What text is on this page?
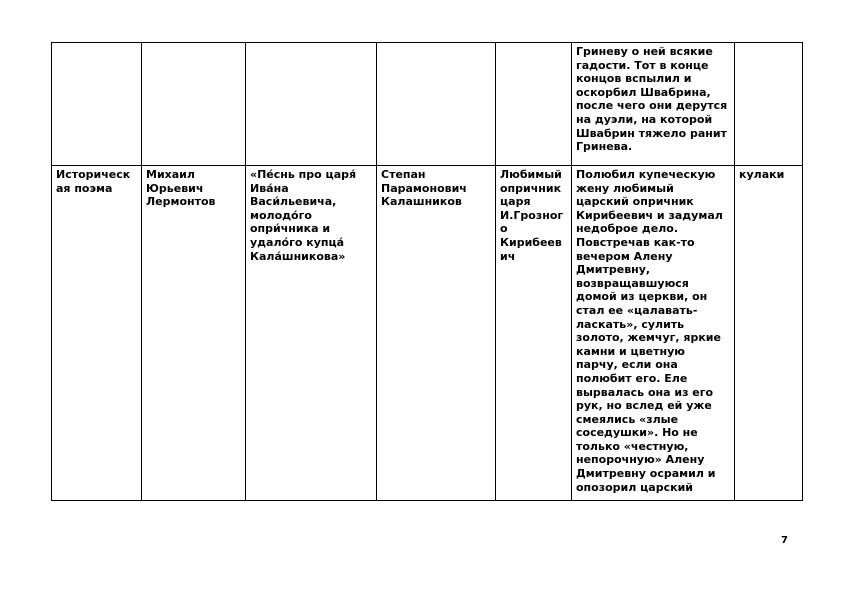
					Гриневу о ней всякие гадости. Тот в конце концов вспылил и оскорбил Швабрина, после чего они дерутся на дуэли, на которой Швабрин тяжело ранит Гринева.	

Историческая поэма	Михаил Юрьевич Лермонтов	«Пе́снь про царя́ Ива́на Васи́льевича, молодо́го опри́чника и удало́го купца́ Кала́шникова»	Степан Парамонович Калашников	Любимый опричник царя И.Грозного Кирибеевич	Полюбил купеческую жену любимый царский опричник Кирибеевич и задумал недоброе дело. Повстречав как-то вечером Алену Дмитревну, возвращавшуюся домой из церкви, он стал ее «цалавать-ласкать», сулить золото, жемчуг, яркие камни и цветную парчу, если она полюбит его. Еле вырвалась она из его рук, но вслед ей уже смеялись «злые соседушки». Но не только «честную, непорочную» Алену Дмитревну осрамил и опозорил царский	кулаки
7
